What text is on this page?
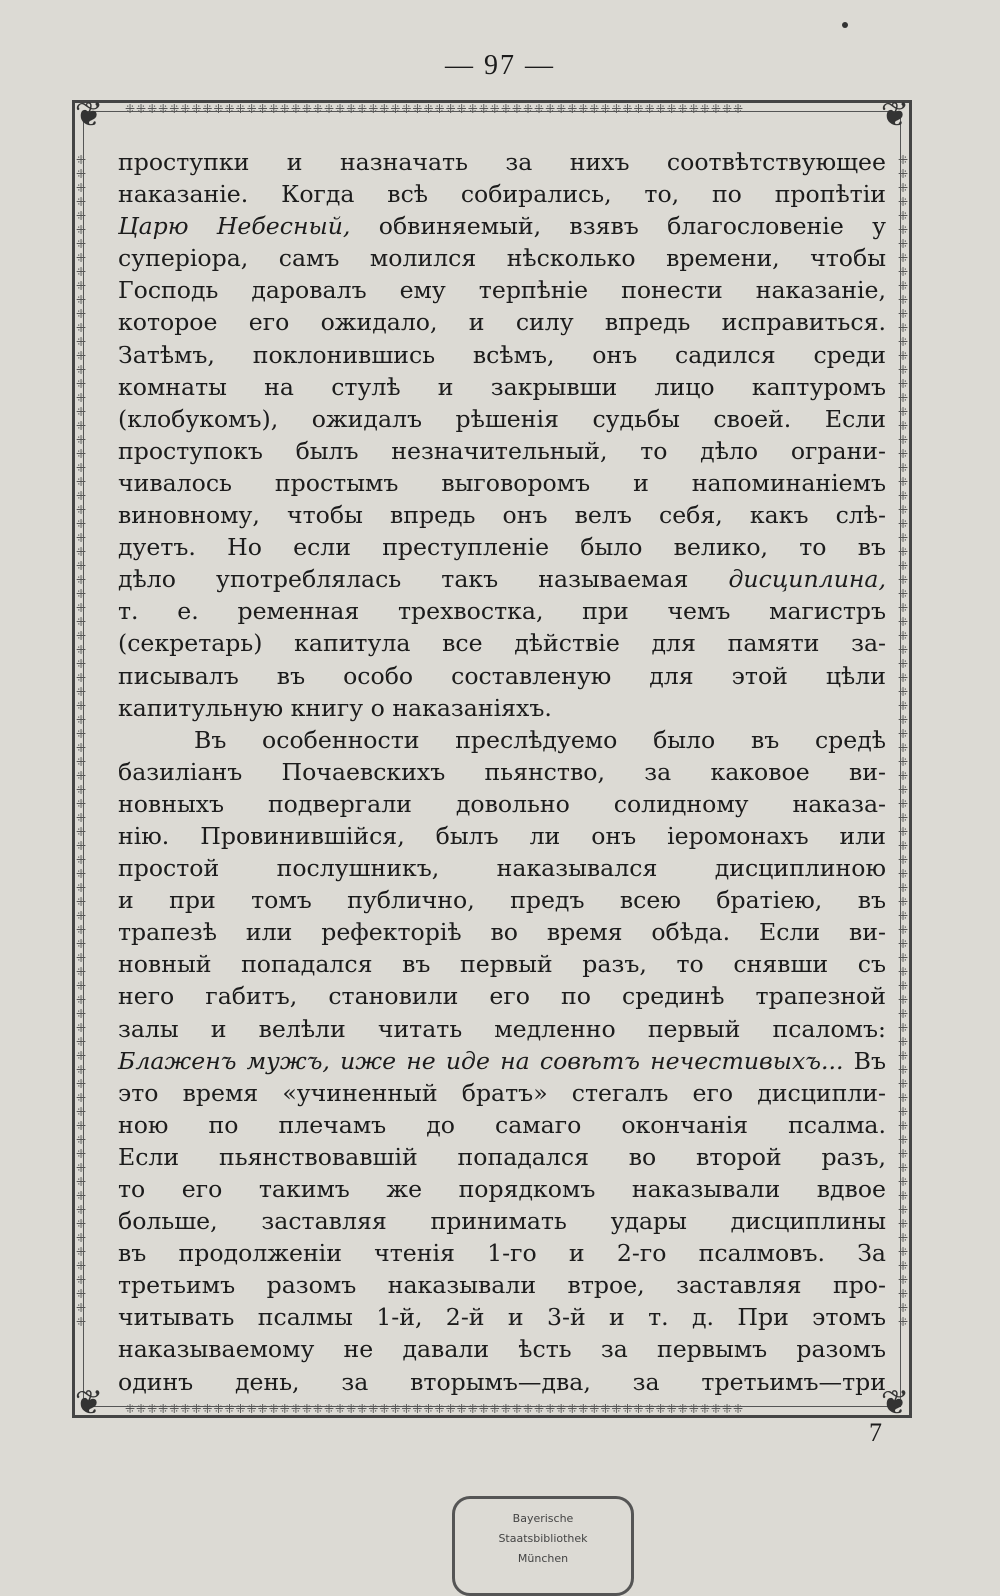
— 97 —
⁜⁜⁜⁜⁜⁜⁜⁜⁜⁜⁜⁜⁜⁜⁜⁜⁜⁜⁜⁜⁜⁜⁜⁜⁜⁜⁜⁜⁜⁜⁜⁜⁜⁜⁜⁜⁜⁜⁜⁜⁜⁜⁜⁜⁜⁜⁜⁜⁜⁜⁜⁜⁜⁜⁜⁜
⁜⁜⁜⁜⁜⁜⁜⁜⁜⁜⁜⁜⁜⁜⁜⁜⁜⁜⁜⁜⁜⁜⁜⁜⁜⁜⁜⁜⁜⁜⁜⁜⁜⁜⁜⁜⁜⁜⁜⁜⁜⁜⁜⁜⁜⁜⁜⁜⁜⁜⁜⁜⁜⁜⁜⁜
⁜ ⁜ ⁜ ⁜ ⁜ ⁜ ⁜ ⁜ ⁜ ⁜ ⁜ ⁜ ⁜ ⁜ ⁜ ⁜ ⁜ ⁜ ⁜ ⁜ ⁜ ⁜ ⁜ ⁜ ⁜ ⁜ ⁜ ⁜ ⁜ ⁜ ⁜ ⁜ ⁜ ⁜ ⁜ ⁜ ⁜ ⁜ ⁜ ⁜ ⁜ ⁜ ⁜ ⁜ ⁜ ⁜ ⁜ ⁜ ⁜ ⁜ ⁜ ⁜ ⁜ ⁜ ⁜ ⁜ ⁜ ⁜ ⁜ ⁜ ⁜ ⁜ ⁜ ⁜ ⁜ ⁜ ⁜ ⁜ ⁜ ⁜ ⁜ ⁜ ⁜ ⁜ ⁜ ⁜ ⁜ ⁜ ⁜ ⁜ ⁜ ⁜ ⁜ ⁜
⁜ ⁜ ⁜ ⁜ ⁜ ⁜ ⁜ ⁜ ⁜ ⁜ ⁜ ⁜ ⁜ ⁜ ⁜ ⁜ ⁜ ⁜ ⁜ ⁜ ⁜ ⁜ ⁜ ⁜ ⁜ ⁜ ⁜ ⁜ ⁜ ⁜ ⁜ ⁜ ⁜ ⁜ ⁜ ⁜ ⁜ ⁜ ⁜ ⁜ ⁜ ⁜ ⁜ ⁜ ⁜ ⁜ ⁜ ⁜ ⁜ ⁜ ⁜ ⁜ ⁜ ⁜ ⁜ ⁜ ⁜ ⁜ ⁜ ⁜ ⁜ ⁜ ⁜ ⁜ ⁜ ⁜ ⁜ ⁜ ⁜ ⁜ ⁜ ⁜ ⁜ ⁜ ⁜ ⁜ ⁜ ⁜ ⁜ ⁜ ⁜ ⁜ ⁜ ⁜
❦	❦
❦	❦
проступки и назначать за нихъ соотвѣтствующее
наказаніе. Когда всѣ собирались, то, по пропѣтіи
Царю Небесный, обвиняемый, взявъ благословеніе у
суперіора, самъ молился нѣсколько времени, чтобы
Господь даровалъ ему терпѣніе понести наказаніе,
которое его ожидало, и силу впредь исправиться.
Затѣмъ, поклонившись всѣмъ, онъ садился среди
комнаты на стулѣ и закрывши лицо каптуромъ
(клобукомъ), ожидалъ рѣшенія судьбы своей. Если
проступокъ былъ незначительный, то дѣло ограни-
чивалось простымъ выговоромъ и напоминаніемъ
виновному, чтобы впредь онъ велъ себя, какъ слѣ-
дуетъ. Но если преступленіе было велико, то въ
дѣло употреблялась такъ называемая дисциплина,
т. е. ременная трехвостка, при чемъ магистръ
(секретарь) капитула все дѣйствіе для памяти за-
писывалъ въ особо составленую для этой цѣли
капитульную книгу о наказаніяхъ.
Въ особенности преслѣдуемо было въ средѣ
базиліанъ Почаевскихъ пьянство, за каковое ви-
новныхъ подвергали довольно солидному наказа-
нію. Провинившійся, былъ ли онъ іеромонахъ или
простой послушникъ, наказывался дисциплиною
и при томъ публично, предъ всею братіею, въ
трапезѣ или рефекторіѣ во время обѣда. Если ви-
новный попадался въ первый разъ, то снявши съ
него габитъ, становили его по срединѣ трапезной
залы и велѣли читать медленно первый псаломъ:
Блаженъ мужъ, иже не иде на совѣтъ нечестивыхъ... Въ
это время «учиненный братъ» стегалъ его дисципли-
ною по плечамъ до самаго окончанія псалма.
Если пьянствовавшій попадался во второй разъ,
то его такимъ же порядкомъ наказывали вдвое
больше, заставляя принимать удары дисциплины
въ продолженіи чтенія 1-го и 2-го псалмовъ. За
третьимъ разомъ наказывали втрое, заставляя про-
читывать псалмы 1-й, 2-й и 3-й и т. д. При этомъ
наказываемому не давали ѣсть за первымъ разомъ
одинъ день, за вторымъ—два, за третьимъ—три
7
Bayerische
Staatsbibliothek
München
